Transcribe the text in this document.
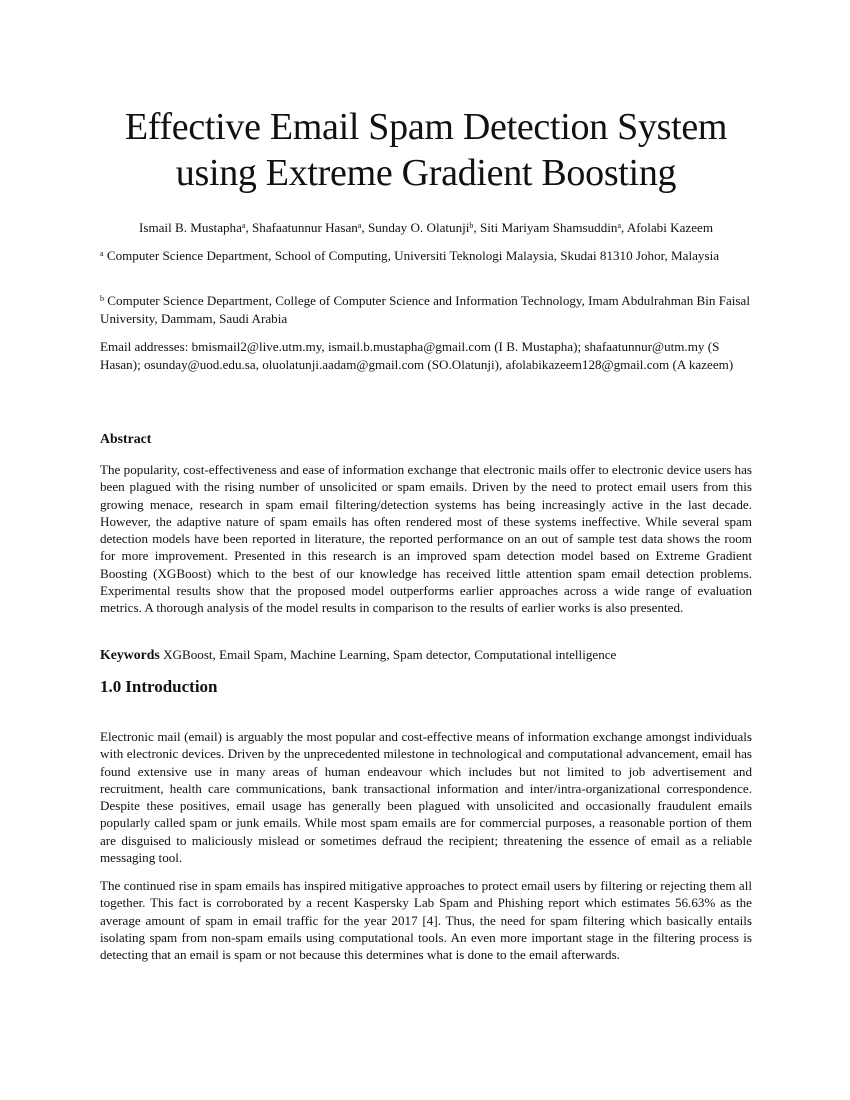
Effective Email Spam Detection System
using Extreme Gradient Boosting
Ismail B. Mustapha$^a$, Shafaatunnur Hasan$^a$, Sunday O. Olatunji$^b$, Siti Mariyam Shamsuddin$^a$, Afolabi Kazeem
$^a$ Computer Science Department, School of Computing, Universiti Teknologi Malaysia, Skudai 81310 Johor, Malaysia
$^b$ Computer Science Department, College of Computer Science and Information Technology, Imam Abdulrahman Bin Faisal University, Dammam, Saudi Arabia
Email addresses: bmismail2@live.utm.my, ismail.b.mustapha@gmail.com (I B. Mustapha); shafaatunnur@utm.my (S Hasan); osunday@uod.edu.sa, oluolatunji.aadam@gmail.com (SO.Olatunji), afolabikazeem128@gmail.com (A kazeem)
Abstract
The popularity, cost-effectiveness and ease of information exchange that electronic mails offer to electronic device users has been plagued with the rising number of unsolicited or spam emails. Driven by the need to protect email users from this growing menace, research in spam email filtering/detection systems has being increasingly active in the last decade. However, the adaptive nature of spam emails has often rendered most of these systems ineffective. While several spam detection models have been reported in literature, the reported performance on an out of sample test data shows the room for more improvement. Presented in this research is an improved spam detection model based on Extreme Gradient Boosting (XGBoost) which to the best of our knowledge has received little attention spam email detection problems. Experimental results show that the proposed model outperforms earlier approaches across a wide range of evaluation metrics. A thorough analysis of the model results in comparison to the results of earlier works is also presented.
Keywords XGBoost, Email Spam, Machine Learning, Spam detector, Computational intelligence
1.0 Introduction
Electronic mail (email) is arguably the most popular and cost-effective means of information exchange amongst individuals with electronic devices. Driven by the unprecedented milestone in technological and computational advancement, email has found extensive use in many areas of human endeavour which includes but not limited to job advertisement and recruitment, health care communications, bank transactional information and inter/intra-organizational correspondence. Despite these positives, email usage has generally been plagued with unsolicited and occasionally fraudulent emails popularly called spam or junk emails. While most spam emails are for commercial purposes, a reasonable portion of them are disguised to maliciously mislead or sometimes defraud the recipient; threatening the essence of email as a reliable messaging tool.
The continued rise in spam emails has inspired mitigative approaches to protect email users by filtering or rejecting them all together. This fact is corroborated by a recent Kaspersky Lab Spam and Phishing report which estimates 56.63% as the average amount of spam in email traffic for the year 2017 [4]. Thus, the need for spam filtering which basically entails isolating spam from non-spam emails using computational tools. An even more important stage in the filtering process is detecting that an email is spam or not because this determines what is done to the email afterwards.
